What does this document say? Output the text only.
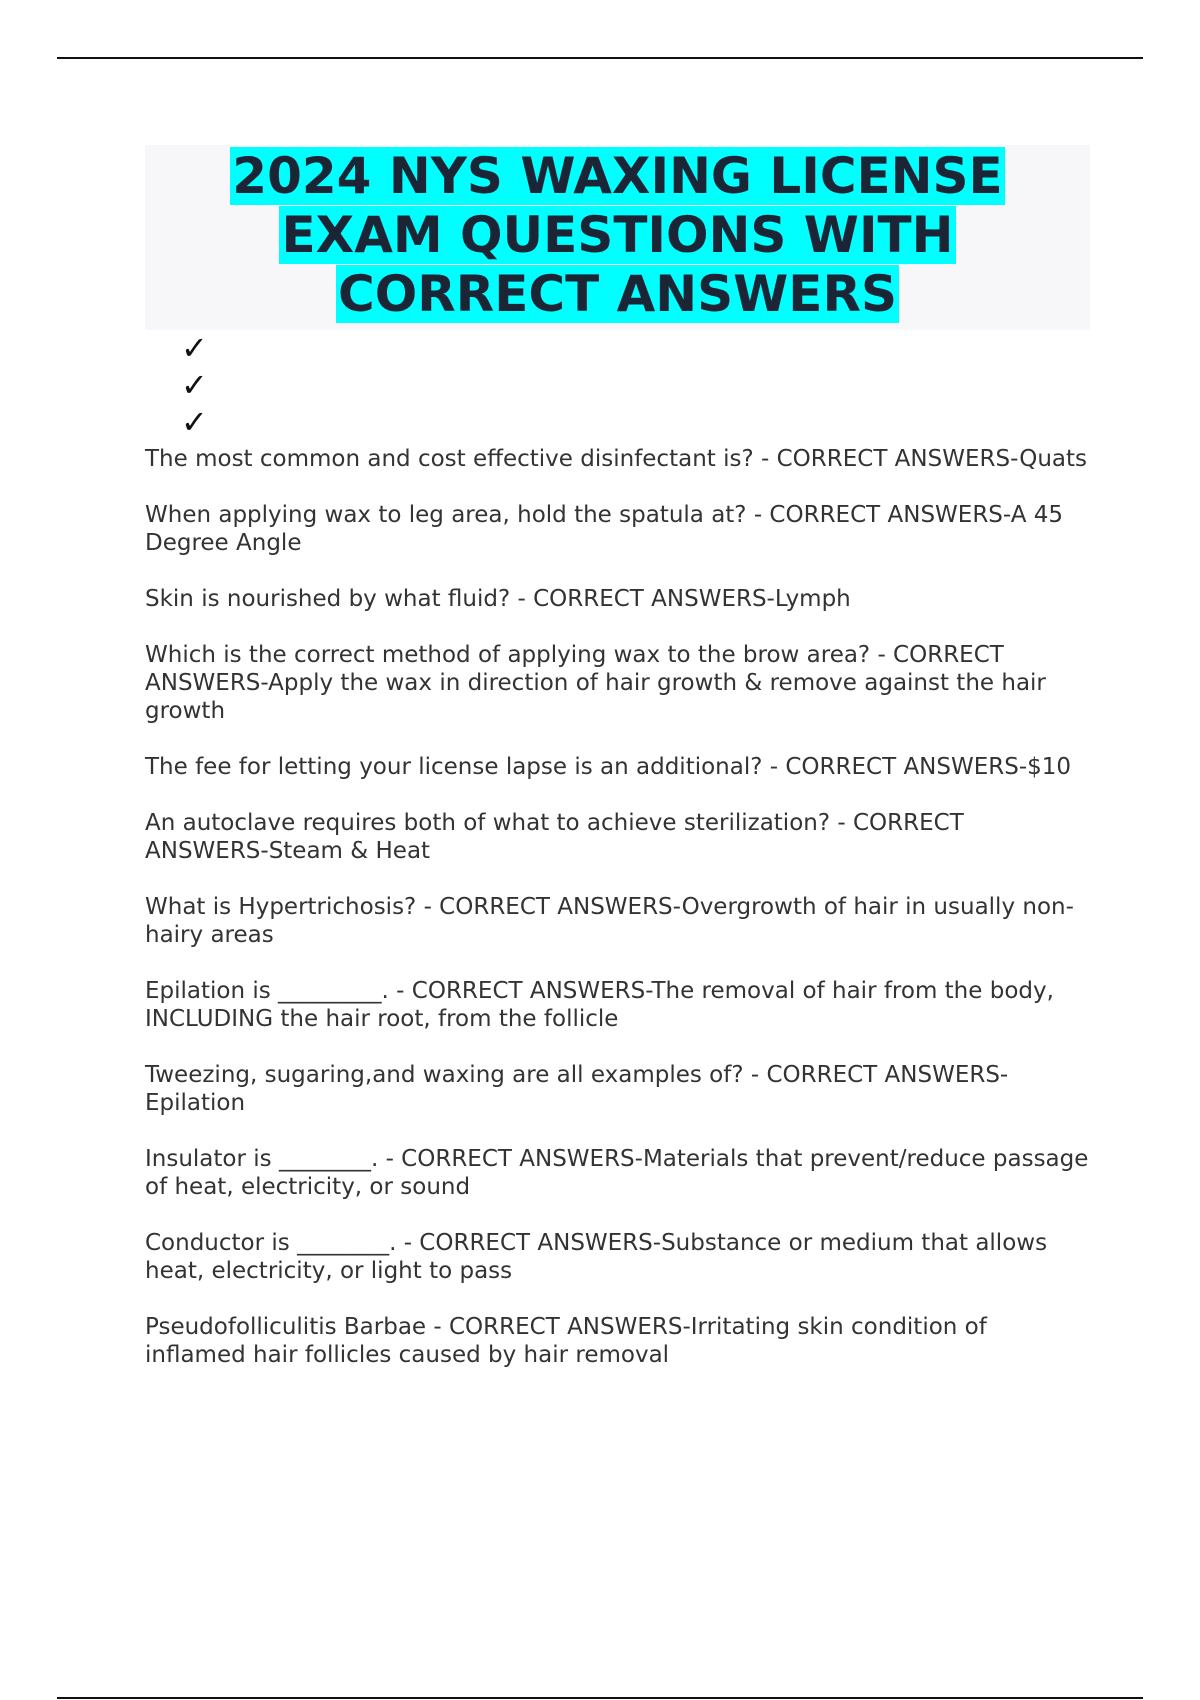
2024 NYS WAXING LICENSE EXAM QUESTIONS WITH CORRECT ANSWERS
✓
✓
✓
The most common and cost effective disinfectant is? - CORRECT ANSWERS-Quats
When applying wax to leg area, hold the spatula at? - CORRECT ANSWERS-A 45 Degree Angle
Skin is nourished by what fluid? - CORRECT ANSWERS-Lymph
Which is the correct method of applying wax to the brow area? - CORRECT ANSWERS-Apply the wax in direction of hair growth & remove against the hair growth
The fee for letting your license lapse is an additional? - CORRECT ANSWERS-$10
An autoclave requires both of what to achieve sterilization? - CORRECT ANSWERS-Steam & Heat
What is Hypertrichosis? - CORRECT ANSWERS-Overgrowth of hair in usually non-hairy areas
Epilation is _________. - CORRECT ANSWERS-The removal of hair from the body, INCLUDING the hair root, from the follicle
Tweezing, sugaring,and waxing are all examples of? - CORRECT ANSWERS-Epilation
Insulator is ________. - CORRECT ANSWERS-Materials that prevent/reduce passage of heat, electricity, or sound
Conductor is ________. - CORRECT ANSWERS-Substance or medium that allows heat, electricity, or light to pass
Pseudofolliculitis Barbae - CORRECT ANSWERS-Irritating skin condition of inflamed hair follicles caused by hair removal
